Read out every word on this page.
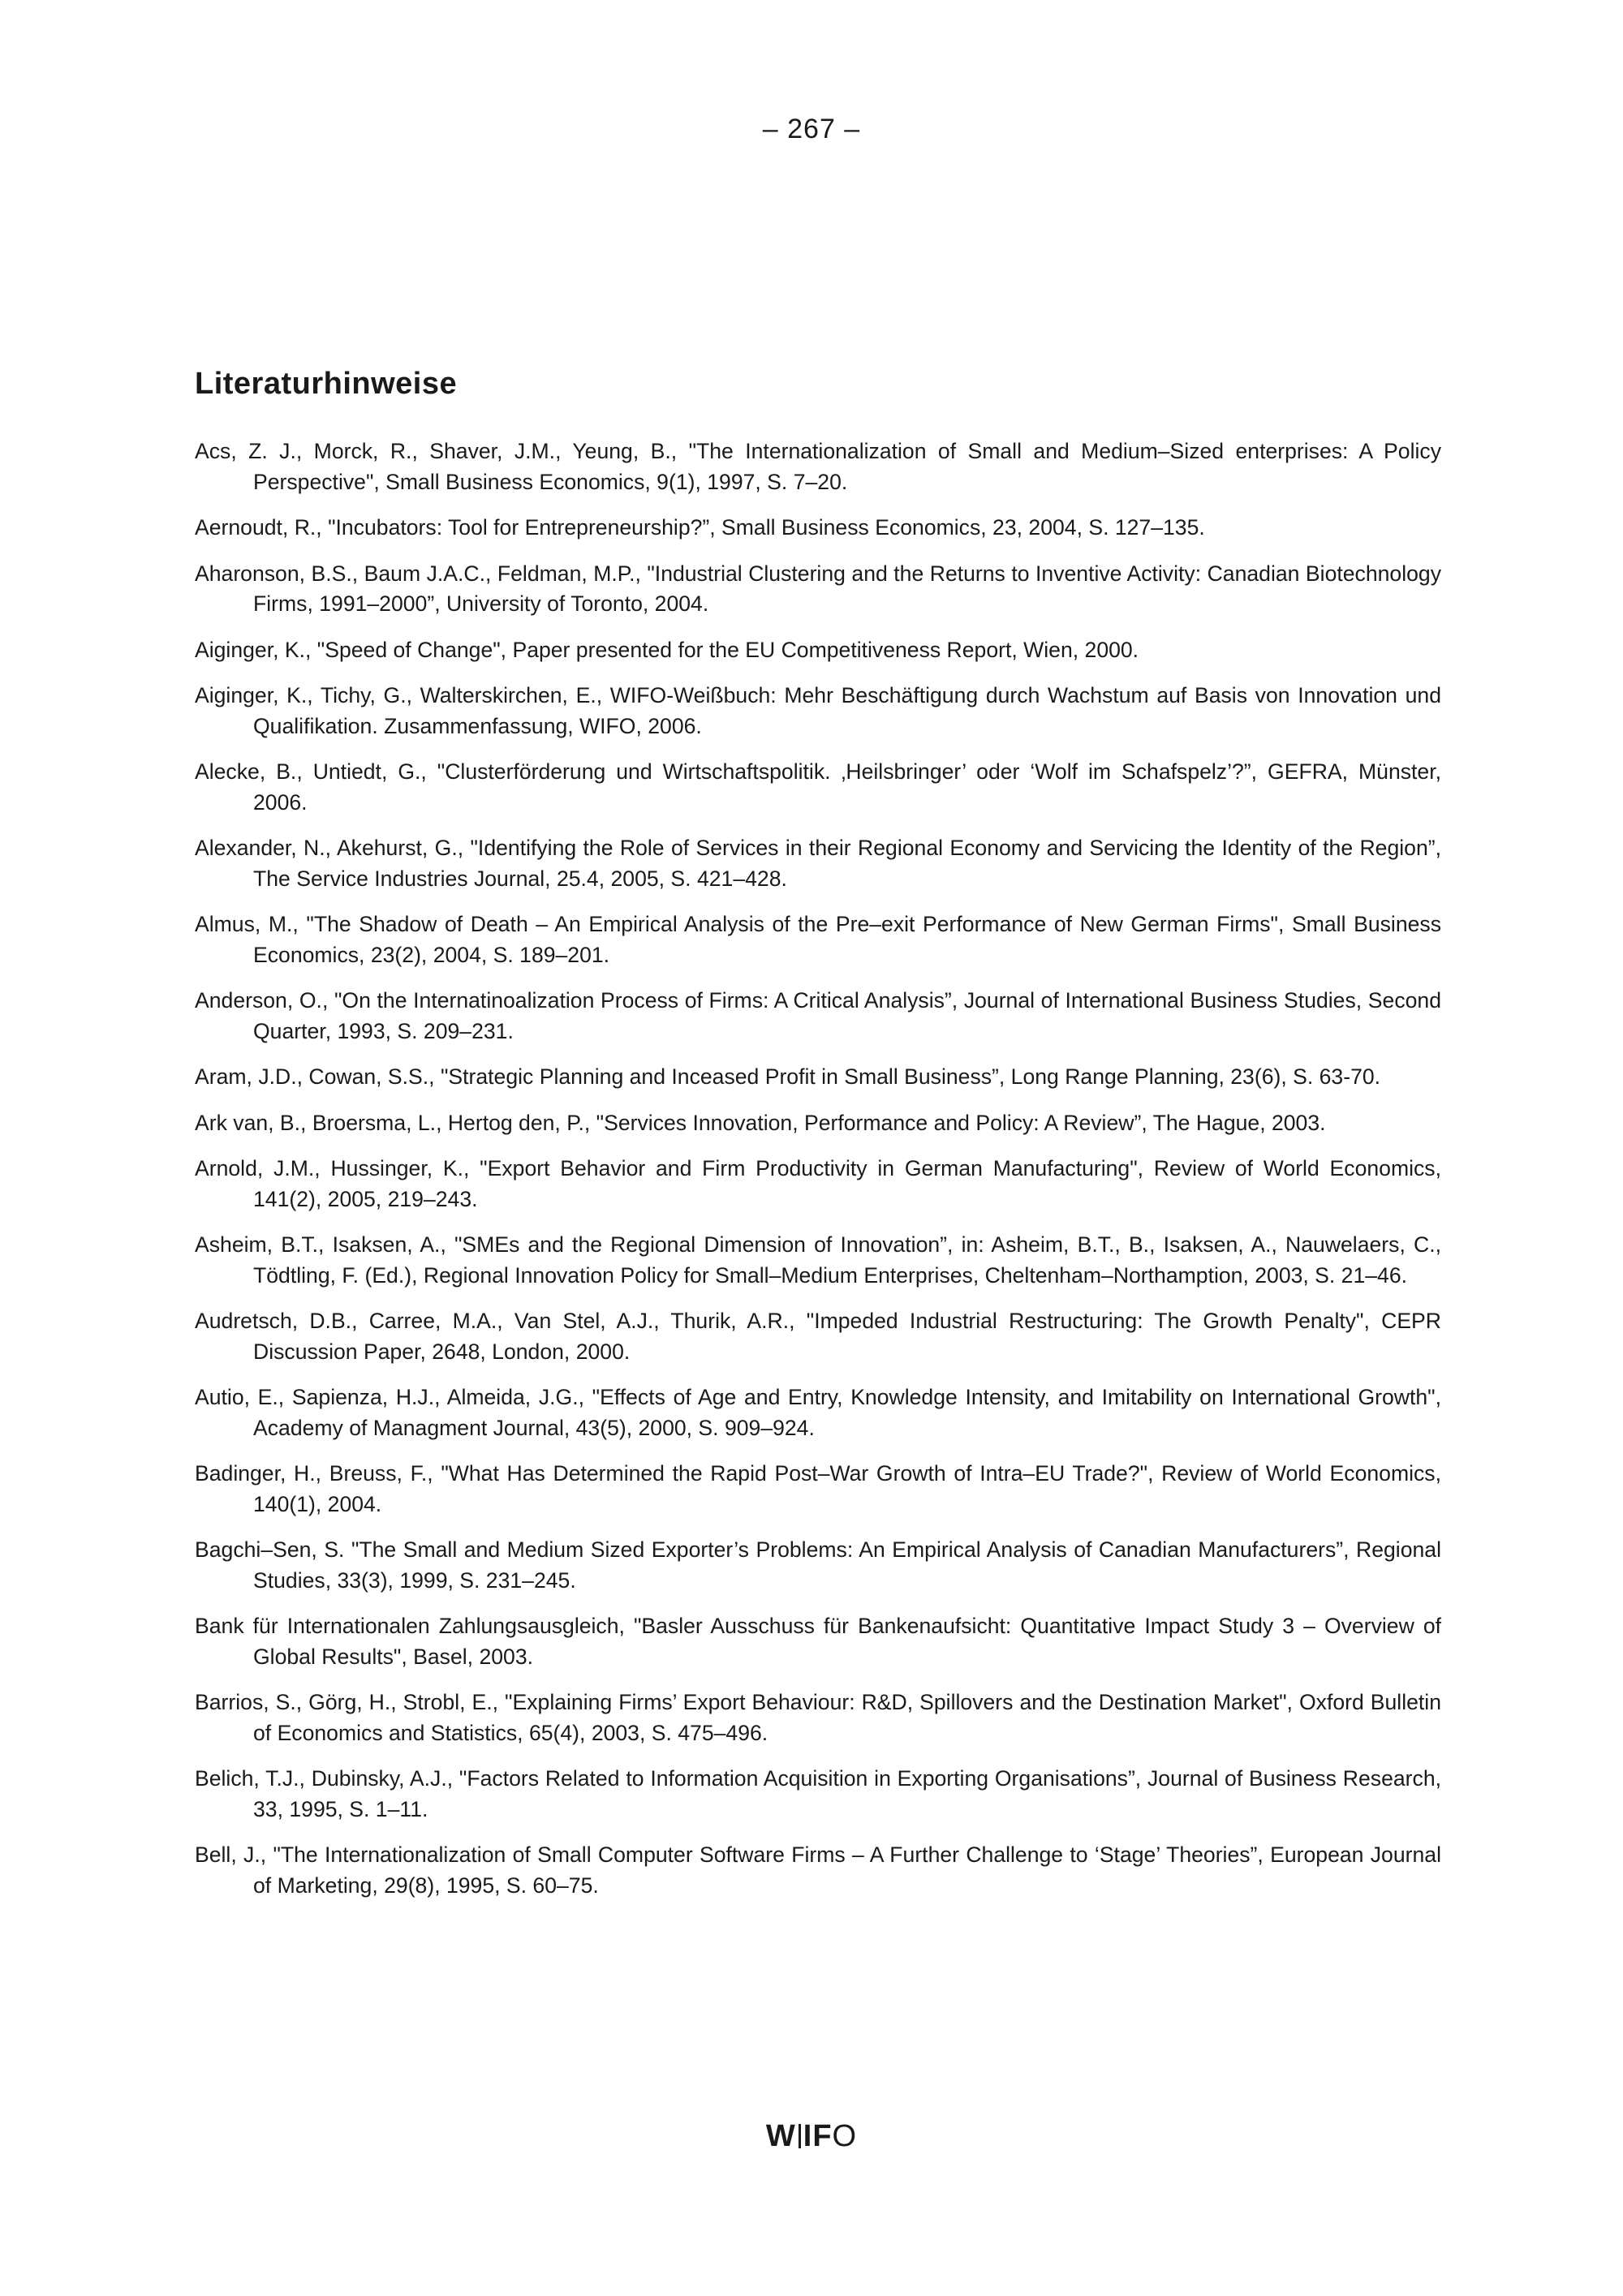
– 267 –
Literaturhinweise
Acs, Z. J., Morck, R., Shaver, J.M., Yeung, B., "The Internationalization of Small and Medium–Sized enterprises: A Policy Perspective", Small Business Economics, 9(1), 1997, S. 7–20.
Aernoudt, R., "Incubators: Tool for Entrepreneurship?”, Small Business Economics, 23, 2004, S. 127–135.
Aharonson, B.S., Baum J.A.C., Feldman, M.P., "Industrial Clustering and the Returns to Inventive Activity: Canadian Biotechnology Firms, 1991–2000”, University of Toronto, 2004.
Aiginger, K., "Speed of Change", Paper presented for the EU Competitiveness Report, Wien, 2000.
Aiginger, K., Tichy, G., Walterskirchen, E., WIFO-Weißbuch: Mehr Beschäftigung durch Wachstum auf Basis von Innovation und Qualifikation. Zusammenfassung, WIFO, 2006.
Alecke, B., Untiedt, G., "Clusterförderung und Wirtschaftspolitik. ‚Heilsbringer’ oder ‘Wolf im Schafspelz’?”, GEFRA, Münster, 2006.
Alexander, N., Akehurst, G., "Identifying the Role of Services in their Regional Economy and Servicing the Identity of the Region”, The Service Industries Journal, 25.4, 2005, S. 421–428.
Almus, M., "The Shadow of Death – An Empirical Analysis of the Pre–exit Performance of New German Firms", Small Business Economics, 23(2), 2004, S. 189–201.
Anderson, O., "On the Internatinoalization Process of Firms: A Critical Analysis”, Journal of International Business Studies, Second Quarter, 1993, S. 209–231.
Aram, J.D., Cowan, S.S., "Strategic Planning and Inceased Profit in Small Business”, Long Range Planning, 23(6), S. 63-70.
Ark van, B., Broersma, L., Hertog den, P., "Services Innovation, Performance and Policy: A Review”, The Hague, 2003.
Arnold, J.M., Hussinger, K., "Export Behavior and Firm Productivity in German Manufacturing", Review of World Economics, 141(2), 2005, 219–243.
Asheim, B.T., Isaksen, A., "SMEs and the Regional Dimension of Innovation”, in: Asheim, B.T., B., Isaksen, A., Nauwelaers, C., Tödtling, F. (Ed.), Regional Innovation Policy for Small–Medium Enterprises, Cheltenham–Northamption, 2003, S. 21–46.
Audretsch, D.B., Carree, M.A., Van Stel, A.J., Thurik, A.R., "Impeded Industrial Restructuring: The Growth Penalty", CEPR Discussion Paper, 2648, London, 2000.
Autio, E., Sapienza, H.J., Almeida, J.G., "Effects of Age and Entry, Knowledge Intensity, and Imitability on International Growth", Academy of Managment Journal, 43(5), 2000, S. 909–924.
Badinger, H., Breuss, F., "What Has Determined the Rapid Post–War Growth of Intra–EU Trade?", Review of World Economics, 140(1), 2004.
Bagchi–Sen, S. "The Small and Medium Sized Exporter’s Problems: An Empirical Analysis of Canadian Manufacturers”, Regional Studies, 33(3), 1999, S. 231–245.
Bank für Internationalen Zahlungsausgleich, "Basler Ausschuss für Bankenaufsicht: Quantitative Impact Study 3 – Overview of Global Results", Basel, 2003.
Barrios, S., Görg, H., Strobl, E., "Explaining Firms’ Export Behaviour: R&D, Spillovers and the Destination Market", Oxford Bulletin of Economics and Statistics, 65(4), 2003, S. 475–496.
Belich, T.J., Dubinsky, A.J., "Factors Related to Information Acquisition in Exporting Organisations”, Journal of Business Research, 33, 1995, S. 1–11.
Bell, J., "The Internationalization of Small Computer Software Firms – A Further Challenge to ‘Stage’ Theories”, European Journal of Marketing, 29(8), 1995, S. 60–75.
W IFO
